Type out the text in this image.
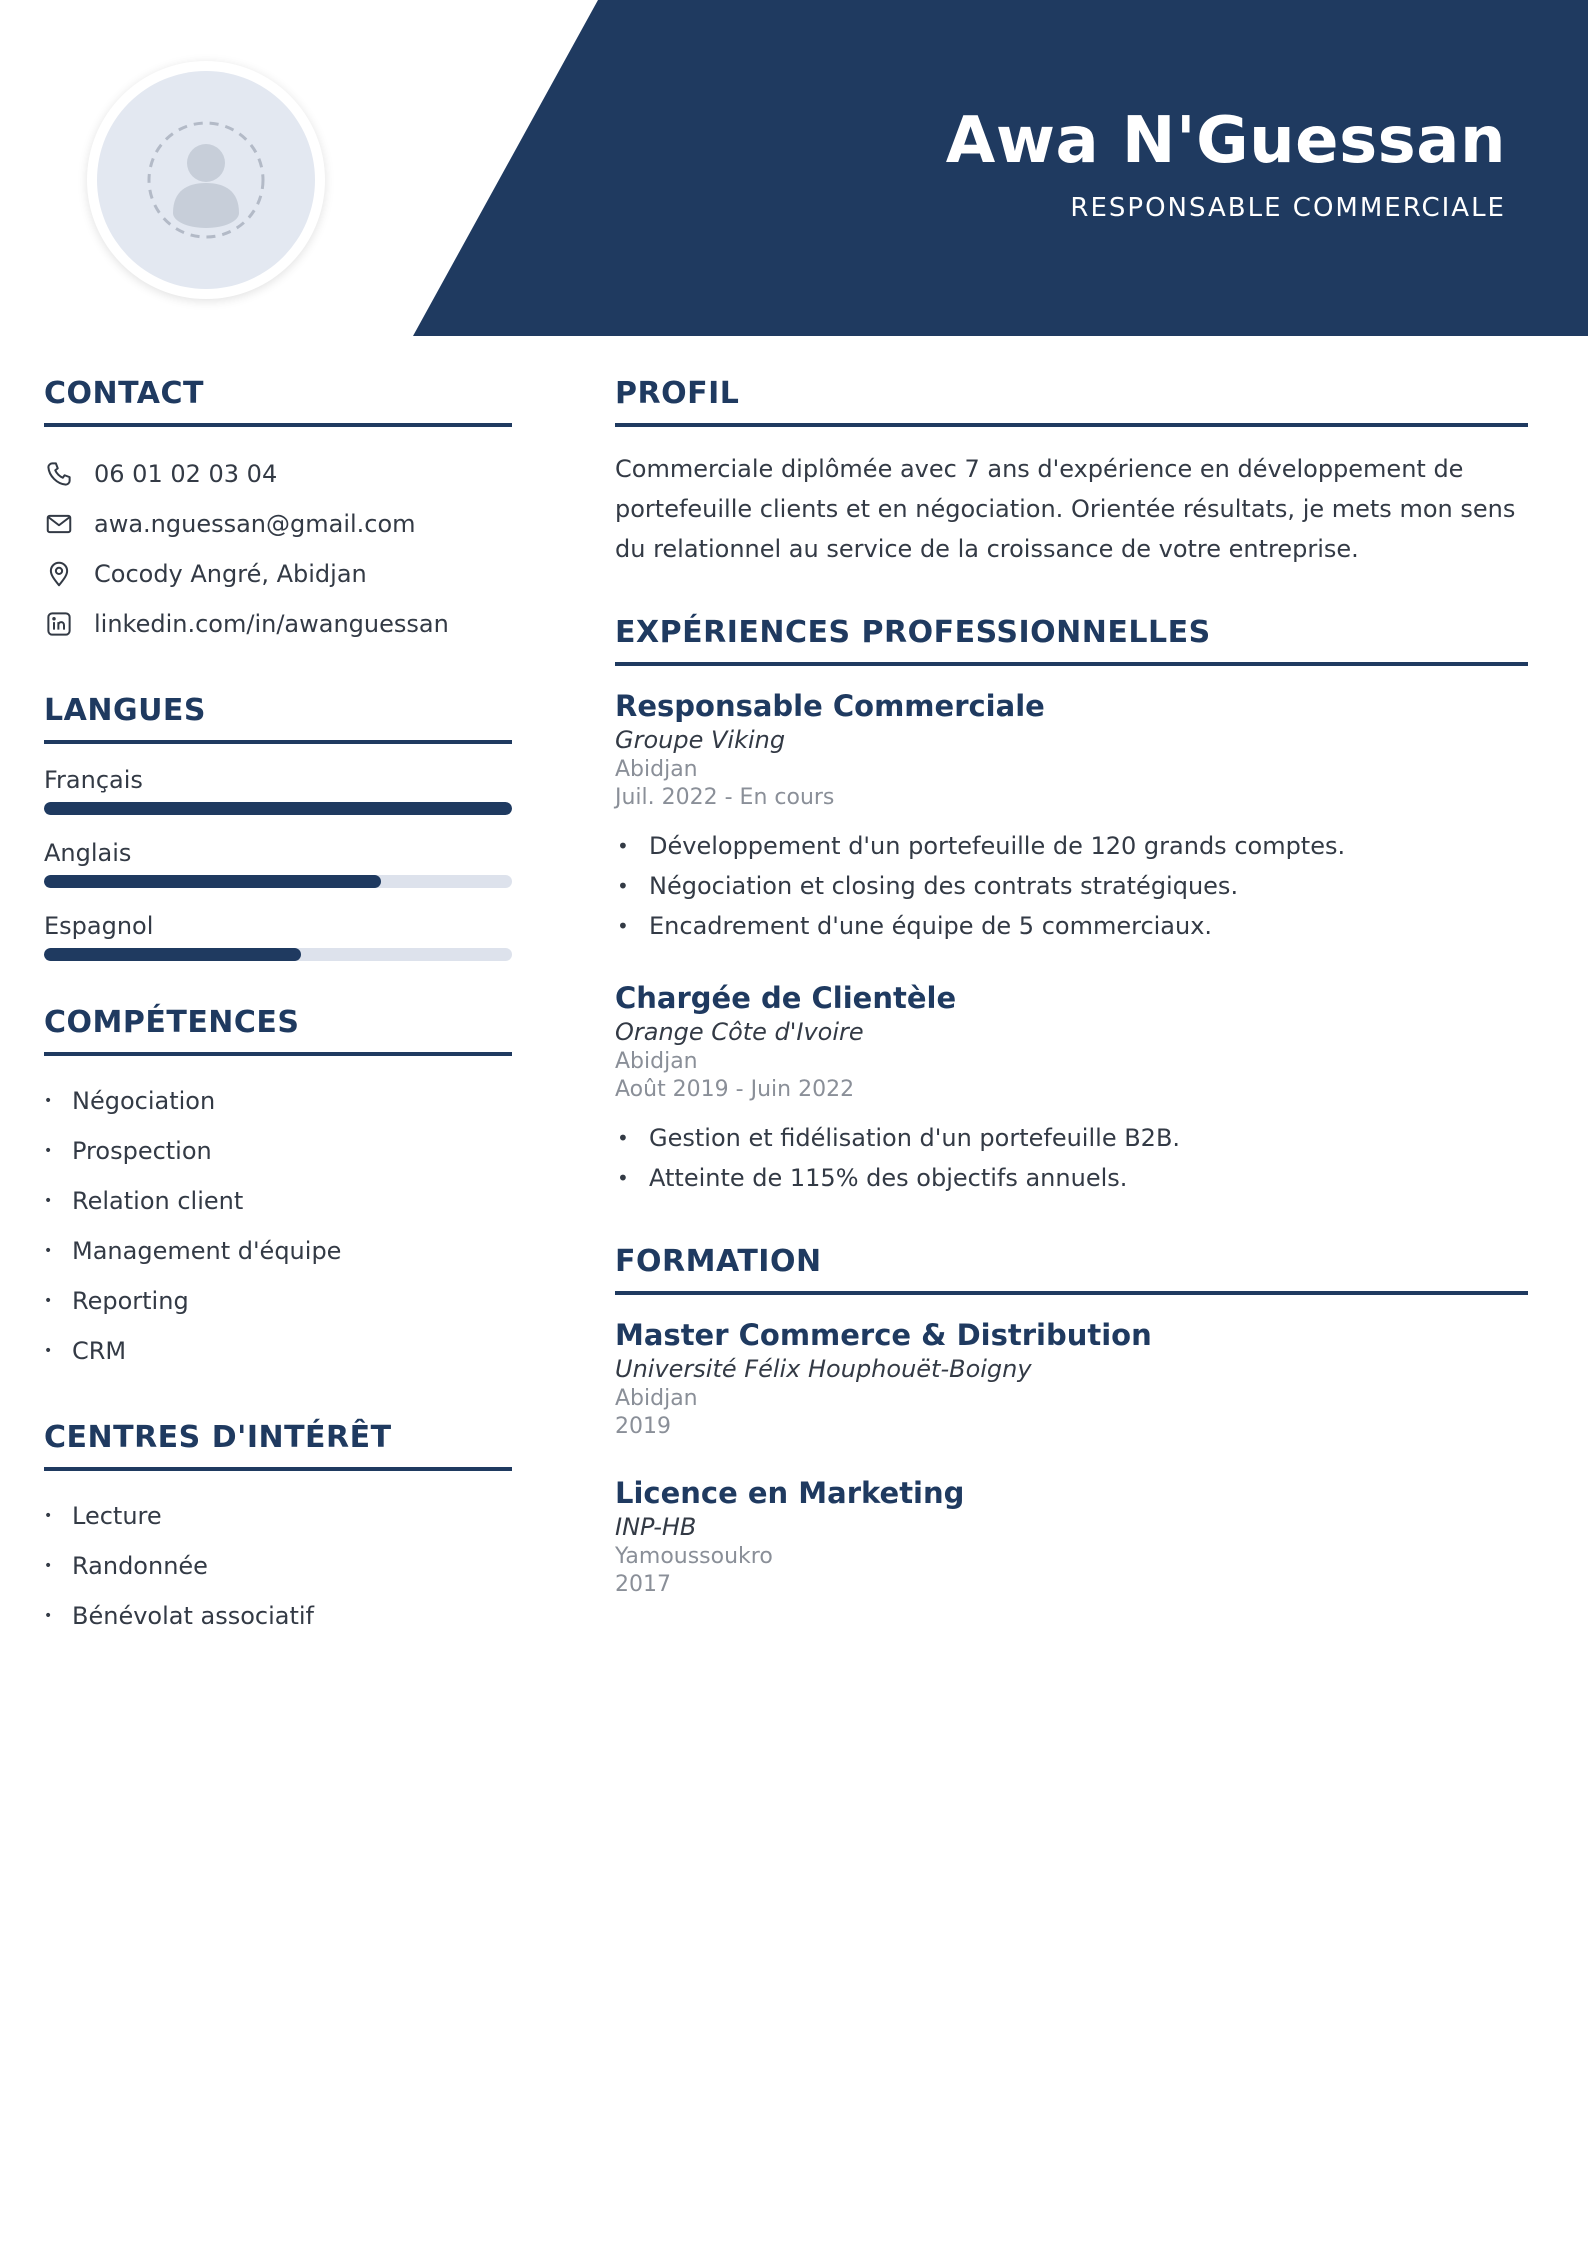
Awa N'Guessan

RESPONSABLE COMMERCIALE

CONTACT
06 01 02 03 04
awa.nguessan@gmail.com
Cocody Angré, Abidjan
linkedin.com/in/awanguessan
LANGUES
Français
Anglais
Espagnol
COMPÉTENCES
• Négociation
• Prospection
• Relation client
• Management d'équipe
• Reporting
• CRM
CENTRES D'INTÉRÊT
• Lecture
• Randonnée
• Bénévolat associatif
PROFIL

Commerciale diplômée avec 7 ans d'expérience en développement de portefeuille clients et en négociation. Orientée résultats, je mets mon sens du relationnel au service de la croissance de votre entreprise.

EXPÉRIENCES PROFESSIONNELLES

Responsable Commerciale

Groupe Viking

Abidjan

Juil. 2022 - En cours

• Développement d'un portefeuille de 120 grands comptes.
• Négociation et closing des contrats stratégiques.
• Encadrement d'une équipe de 5 commerciaux.

Chargée de Clientèle

Orange Côte d'Ivoire

Abidjan

Août 2019 - Juin 2022

• Gestion et fidélisation d'un portefeuille B2B.
• Atteinte de 115% des objectifs annuels.
FORMATION

Master Commerce & Distribution

Université Félix Houphouët-Boigny

Abidjan

2019

Licence en Marketing

INP-HB

Yamoussoukro

2017
